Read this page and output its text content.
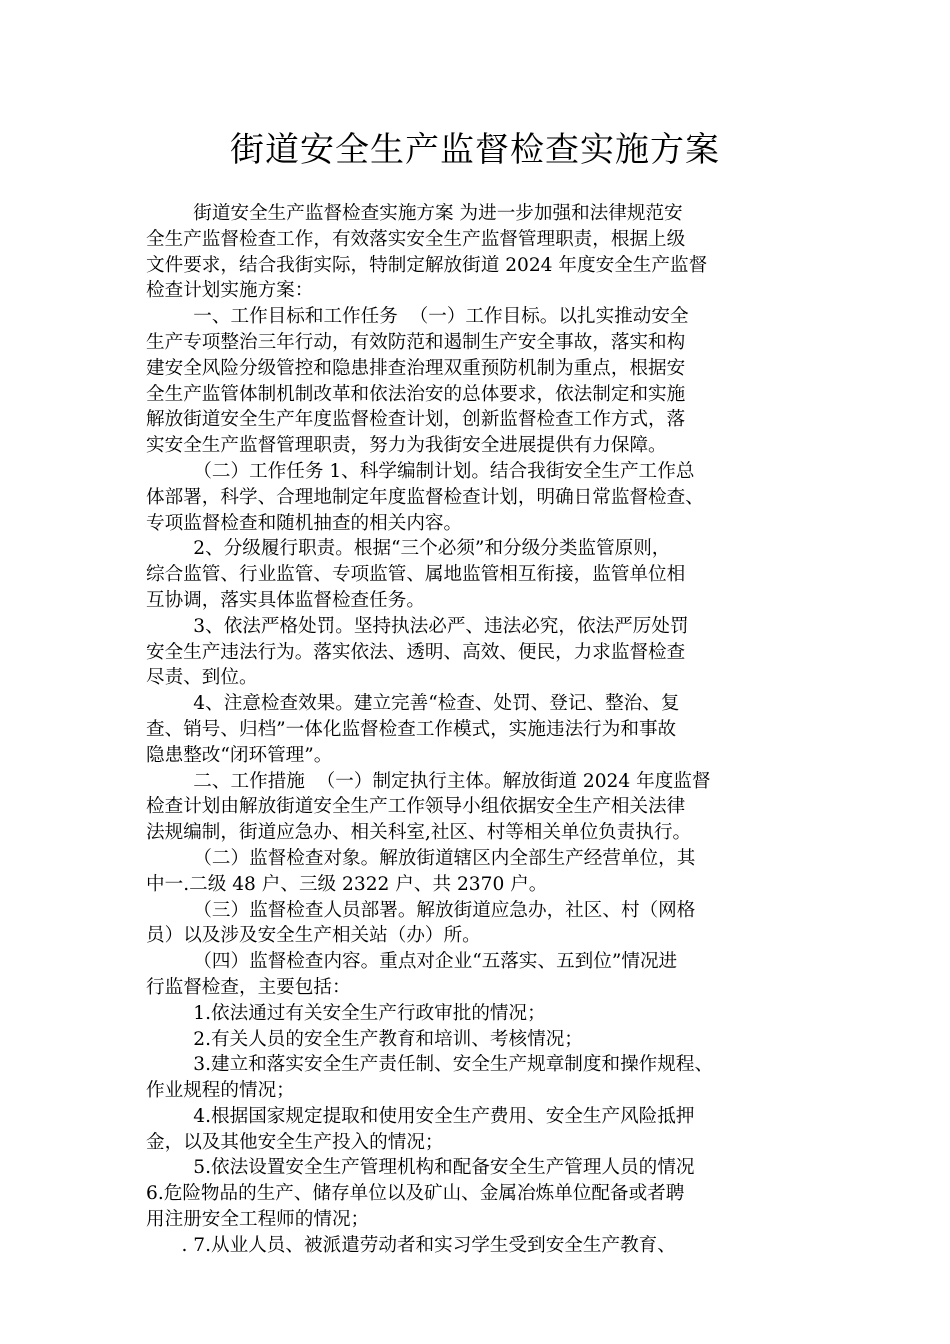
街道安全生产监督检查实施方案
街道安全生产监督检查实施方案 为进一步加强和法律规范安
全生产监督检查工作，有效落实安全生产监督管理职责，根据上级
文件要求，结合我街实际，特制定解放街道 2024 年度安全生产监督
检查计划实施方案：
一、工作目标和工作任务  （一）工作目标。以扎实推动安全
生产专项整治三年行动，有效防范和遏制生产安全事故，落实和构
建安全风险分级管控和隐患排查治理双重预防机制为重点，根据安
全生产监管体制机制改革和依法治安的总体要求，依法制定和实施
解放街道安全生产年度监督检查计划，创新监督检查工作方式，落
实安全生产监督管理职责，努力为我街安全进展提供有力保障。
（二）工作任务 1、科学编制计划。结合我街安全生产工作总
体部署，科学、合理地制定年度监督检查计划，明确日常监督检查、
专项监督检查和随机抽查的相关内容。
2、分级履行职责。根据“三个必须”和分级分类监管原则，
综合监管、行业监管、专项监管、属地监管相互衔接，监管单位相
互协调，落实具体监督检查任务。
3、依法严格处罚。坚持执法必严、违法必究，依法严厉处罚
安全生产违法行为。落实依法、透明、高效、便民，力求监督检查
尽责、到位。
4、注意检查效果。建立完善“检查、处罚、登记、整治、复
查、销号、归档”一体化监督检查工作模式，实施违法行为和事故
隐患整改“闭环管理”。
二、工作措施  （一）制定执行主体。解放街道 2024 年度监督
检查计划由解放街道安全生产工作领导小组依据安全生产相关法律
法规编制，街道应急办、相关科室,社区、村等相关单位负责执行。
（二）监督检查对象。解放街道辖区内全部生产经营单位，其
中一.二级 48 户、三级 2322 户、共 2370 户。
（三）监督检查人员部署。解放街道应急办，社区、村（网格
员）以及涉及安全生产相关站（办）所。
（四）监督检查内容。重点对企业“五落实、五到位”情况进
行监督检查，主要包括：
1.依法通过有关安全生产行政审批的情况；
2.有关人员的安全生产教育和培训、考核情况；
3.建立和落实安全生产责任制、安全生产规章制度和操作规程、
作业规程的情况；
4.根据国家规定提取和使用安全生产费用、安全生产风险抵押
金，以及其他安全生产投入的情况；
5.依法设置安全生产管理机构和配备安全生产管理人员的情况
6.危险物品的生产、储存单位以及矿山、金属冶炼单位配备或者聘
用注册安全工程师的情况；
. 7.从业人员、被派遣劳动者和实习学生受到安全生产教育、
